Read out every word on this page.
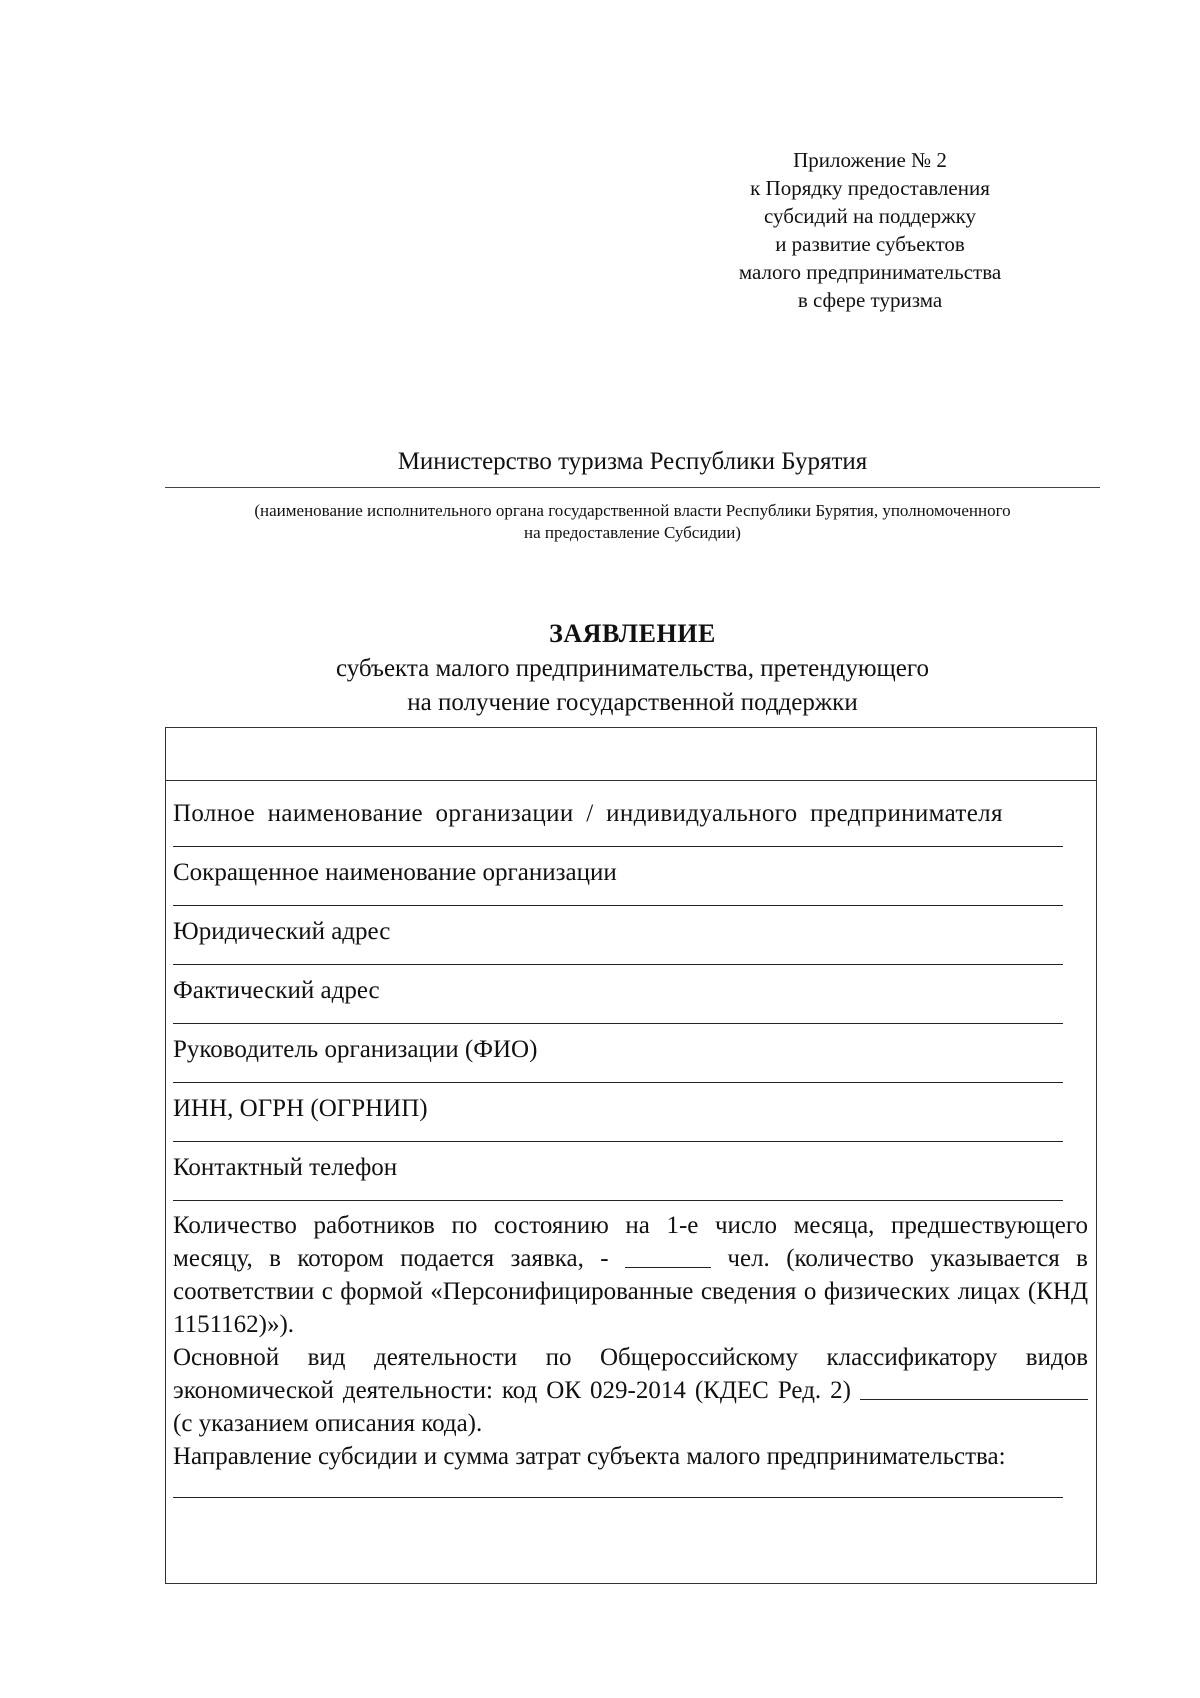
Приложение № 2
к Порядку предоставления
субсидий на поддержку
и развитие субъектов
малого предпринимательства
в сфере туризма
Министерство туризма Республики Бурятия
(наименование исполнительного органа государственной власти Республики Бурятия, уполномоченного
на предоставление Субсидии)
ЗАЯВЛЕНИЕ
субъекта малого предпринимательства, претендующего
на получение государственной поддержки
Полное наименование организации / индивидуального предпринимателя
Сокращенное наименование организации
Юридический адрес
Фактический адрес
Руководитель организации (ФИО)
ИНН, ОГРН (ОГРНИП)
Контактный телефон
Количество работников по состоянию на 1-е число месяца, предшествующего месяцу, в котором подается заявка, -	чел. (количество указывается в соответствии с формой «Персонифицированные сведения о физических лицах (КНД 1151162)»).
Основной вид деятельности по Общероссийскому классификатору видов экономической деятельности: код ОК 029-2014 (КДЕС Ред. 2)  (с указанием описания кода).
Направление субсидии и сумма затрат субъекта малого предпринимательства:
